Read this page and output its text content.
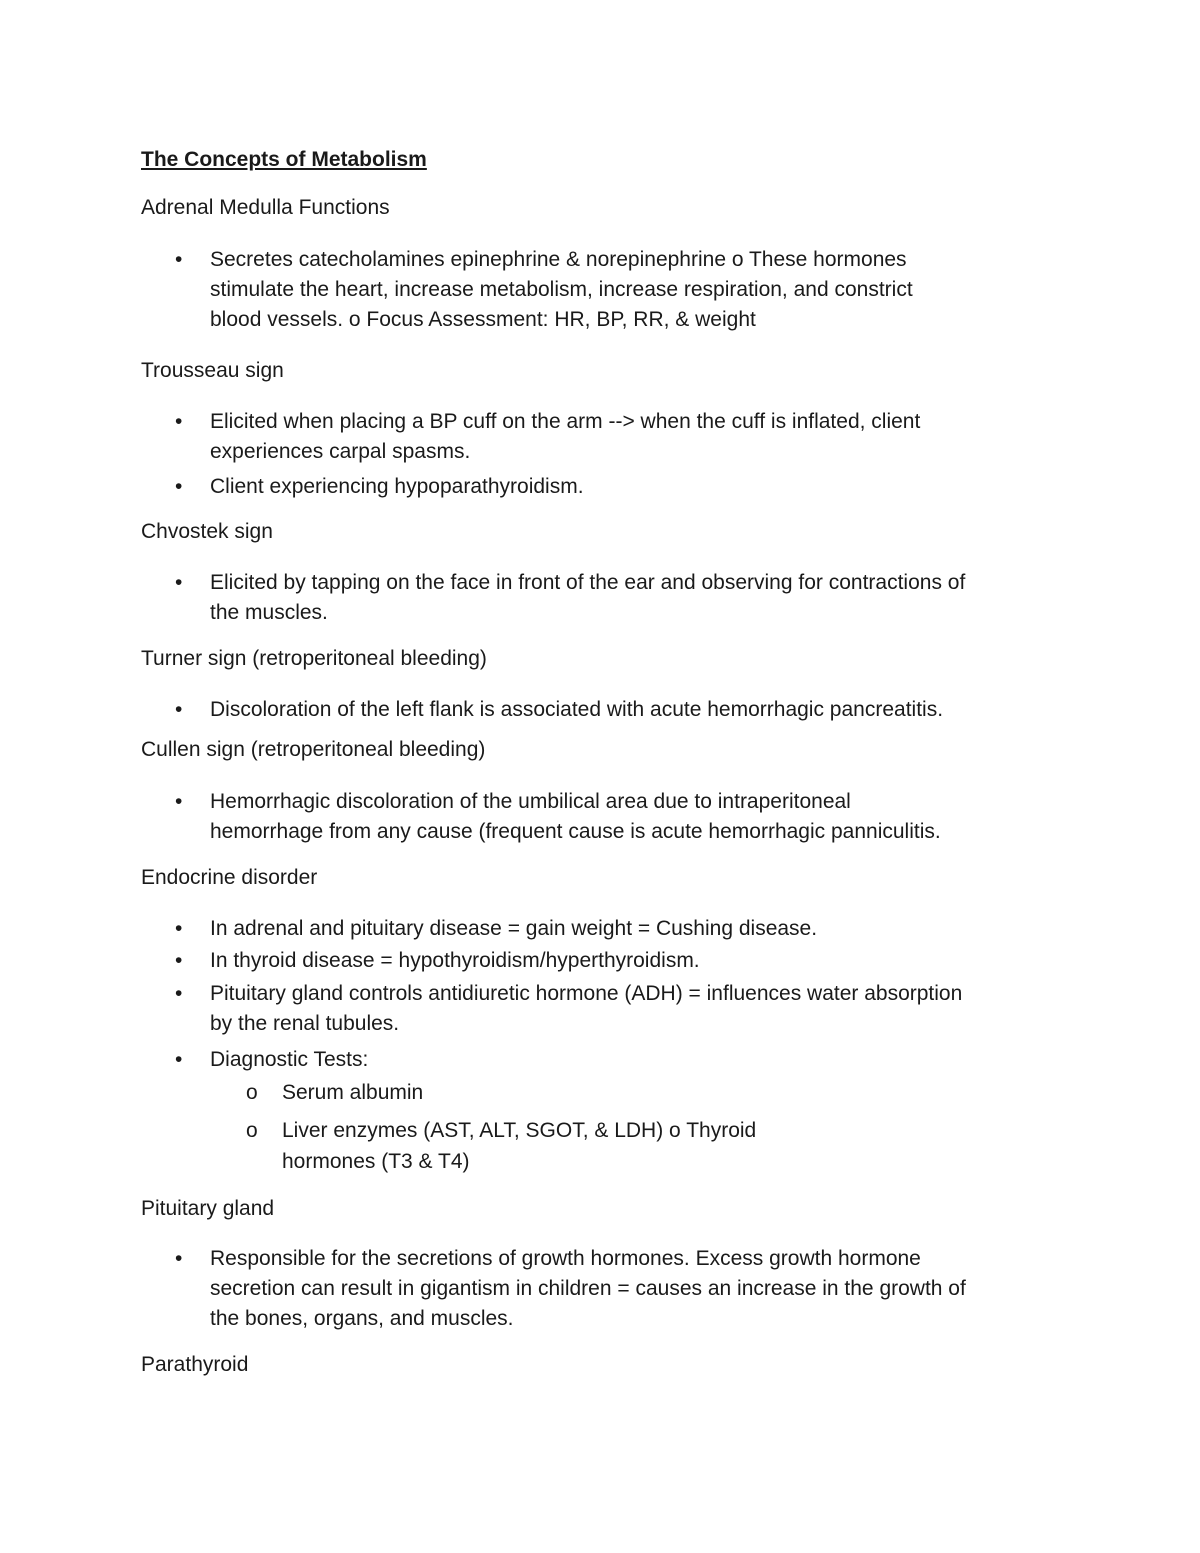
The Concepts of Metabolism

Adrenal Medulla Functions

• Secretes catecholamines epinephrine & norepinephrine o These hormones
stimulate the heart, increase metabolism, increase respiration, and constrict
blood vessels. o Focus Assessment: HR, BP, RR, & weight

Trousseau sign

• Elicited when placing a BP cuff on the arm --> when the cuff is inflated, client
experiences carpal spasms.
• Client experiencing hypoparathyroidism.

Chvostek sign

• Elicited by tapping on the face in front of the ear and observing for contractions of
the muscles.

Turner sign (retroperitoneal bleeding)

• Discoloration of the left flank is associated with acute hemorrhagic pancreatitis.

Cullen sign (retroperitoneal bleeding)

• Hemorrhagic discoloration of the umbilical area due to intraperitoneal
hemorrhage from any cause (frequent cause is acute hemorrhagic panniculitis.

Endocrine disorder

• In adrenal and pituitary disease = gain weight = Cushing disease.
• In thyroid disease = hypothyroidism/hyperthyroidism.
• Pituitary gland controls antidiuretic hormone (ADH) = influences water absorption
by the renal tubules.
• Diagnostic Tests:
o Serum albumin
o Liver enzymes (AST, ALT, SGOT, & LDH) o Thyroid
hormones (T3 & T4)

Pituitary gland

• Responsible for the secretions of growth hormones. Excess growth hormone
secretion can result in gigantism in children = causes an increase in the growth of
the bones, organs, and muscles.

Parathyroid
